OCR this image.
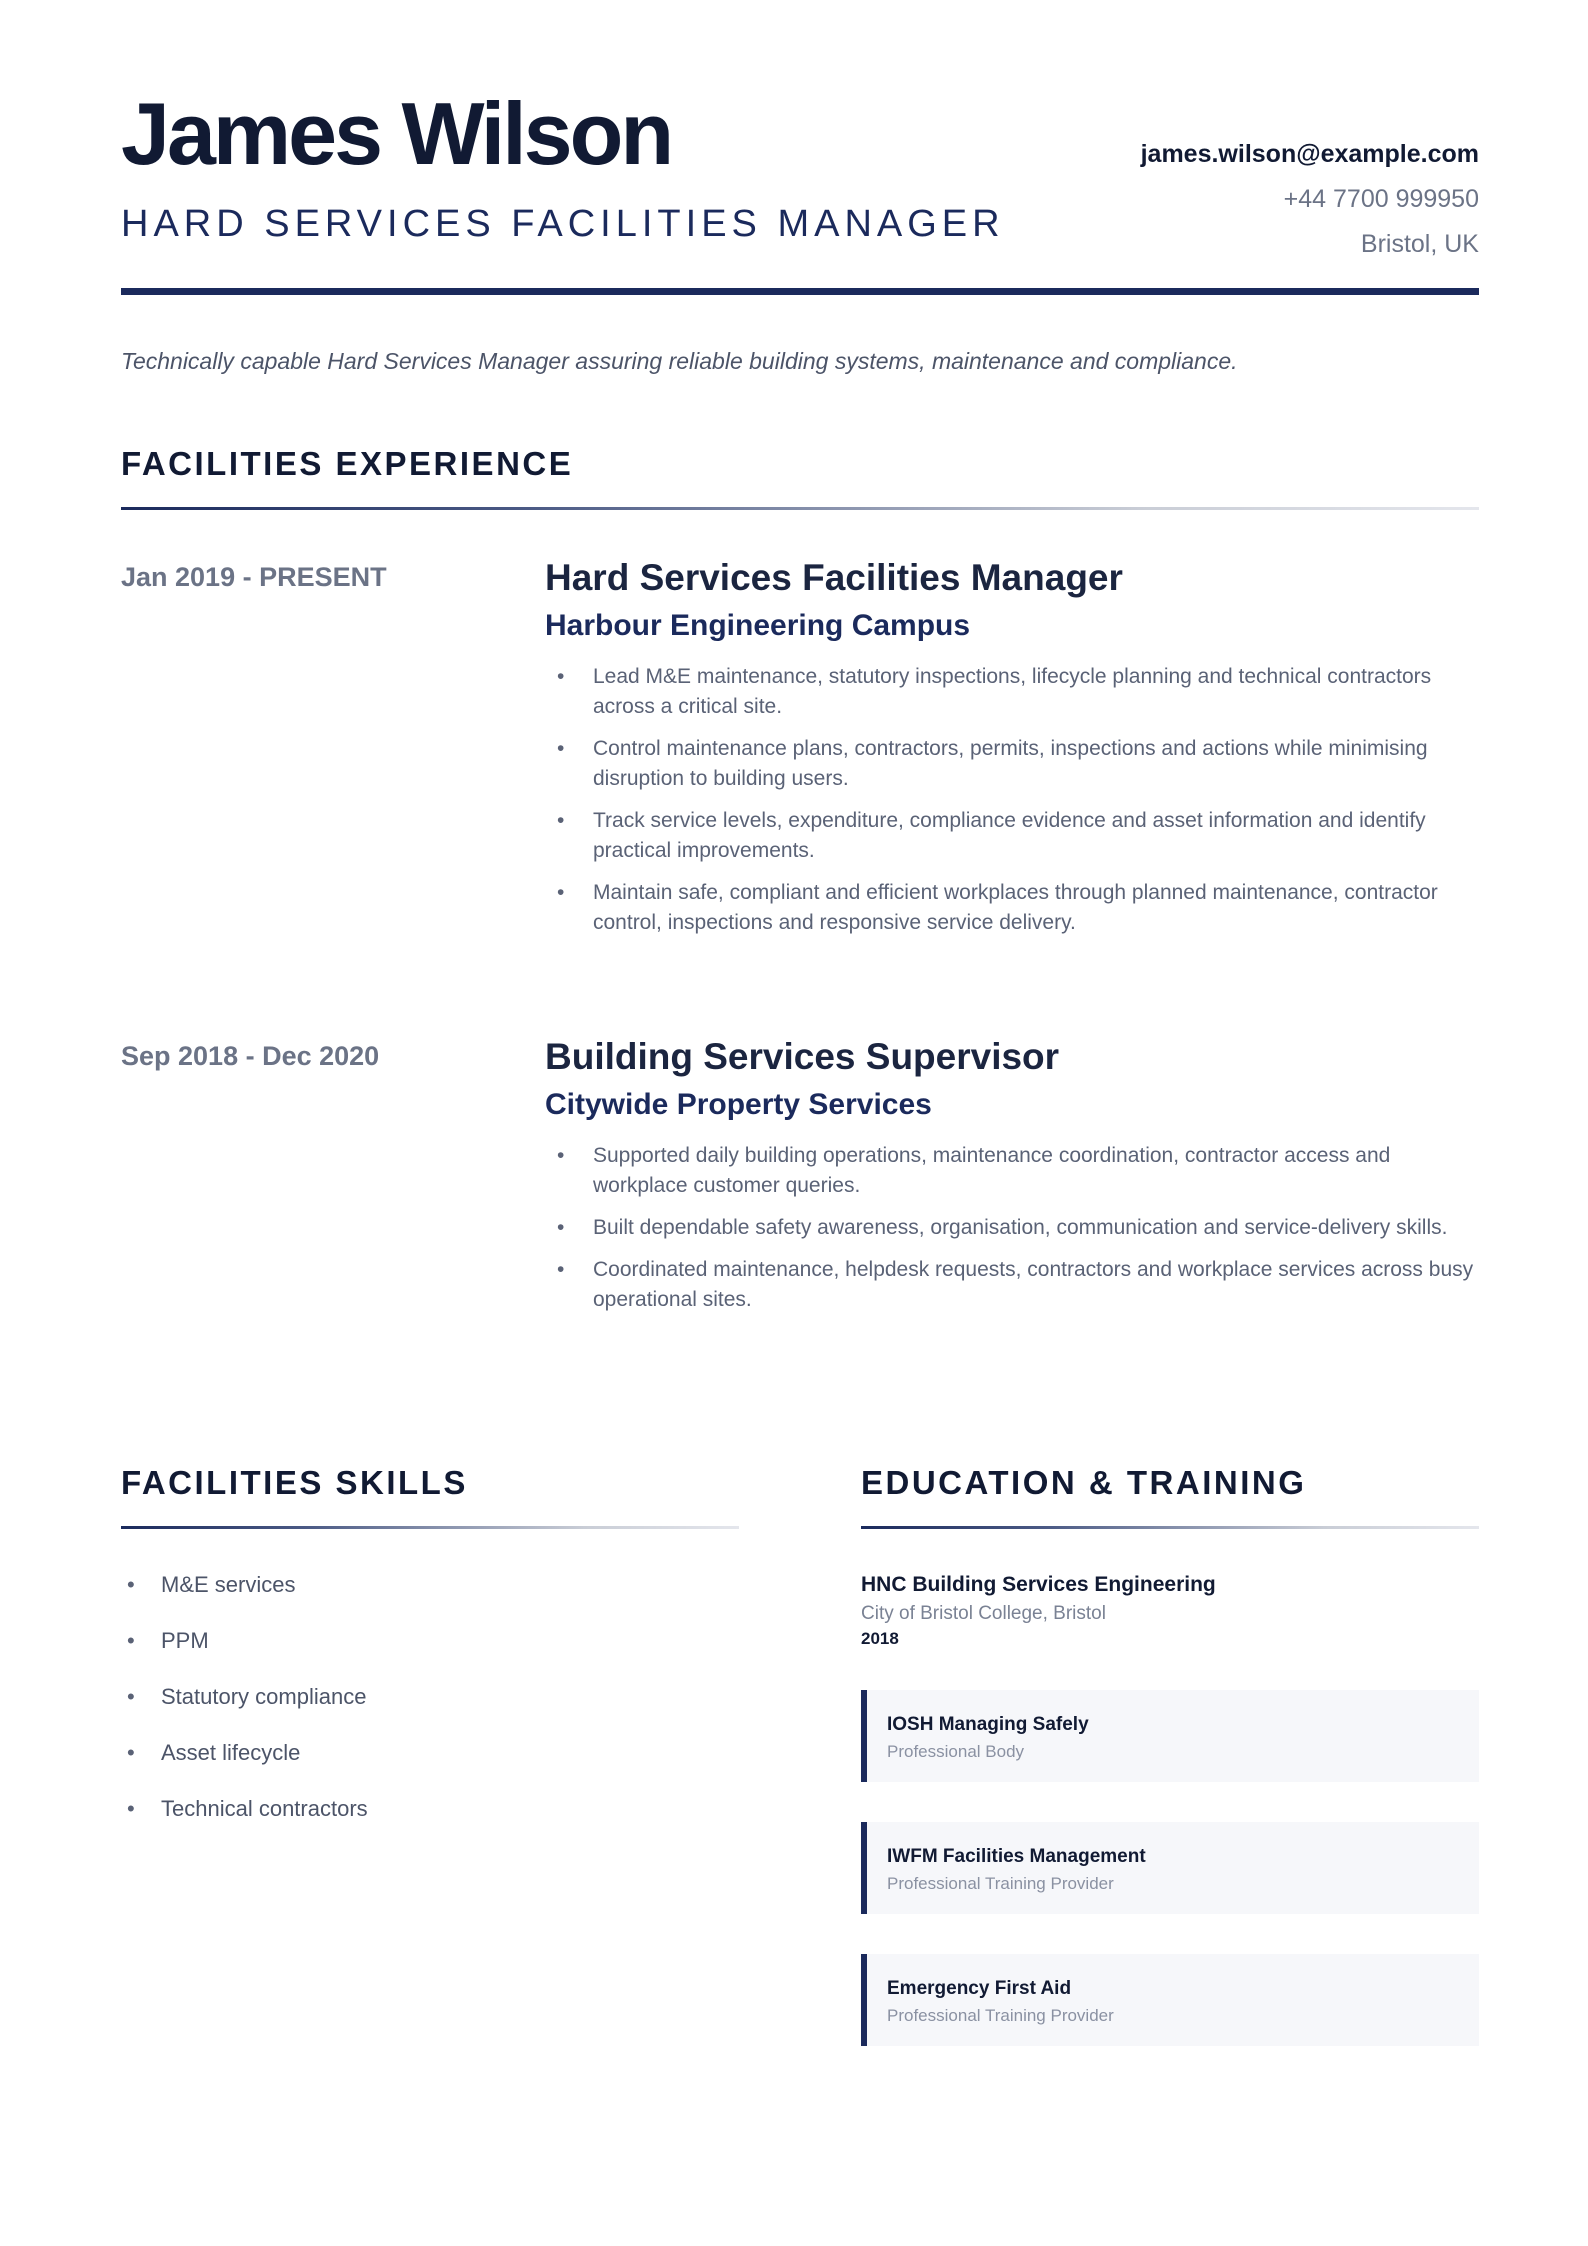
James Wilson
HARD SERVICES FACILITIES MANAGER
james.wilson@example.com
+44 7700 999950
Bristol, UK
Technically capable Hard Services Manager assuring reliable building systems, maintenance and compliance.
FACILITIES EXPERIENCE
Jan 2019 - PRESENT	Hard Services Facilities Manager
Harbour Engineering Campus
• Lead M&E maintenance, statutory inspections, lifecycle planning and technical contractors across a critical site.
• Control maintenance plans, contractors, permits, inspections and actions while minimising disruption to building users.
• Track service levels, expenditure, compliance evidence and asset information and identify practical improvements.
• Maintain safe, compliant and efficient workplaces through planned maintenance, contractor control, inspections and responsive service delivery.
Sep 2018 - Dec 2020	Building Services Supervisor
Citywide Property Services
• Supported daily building operations, maintenance coordination, contractor access and workplace customer queries.
• Built dependable safety awareness, organisation, communication and service-delivery skills.
• Coordinated maintenance, helpdesk requests, contractors and workplace services across busy operational sites.
FACILITIES SKILLS
• M&E services
• PPM
• Statutory compliance
• Asset lifecycle
• Technical contractors
EDUCATION & TRAINING
HNC Building Services Engineering
City of Bristol College, Bristol
2018
IOSH Managing Safely
Professional Body
IWFM Facilities Management
Professional Training Provider
Emergency First Aid
Professional Training Provider
